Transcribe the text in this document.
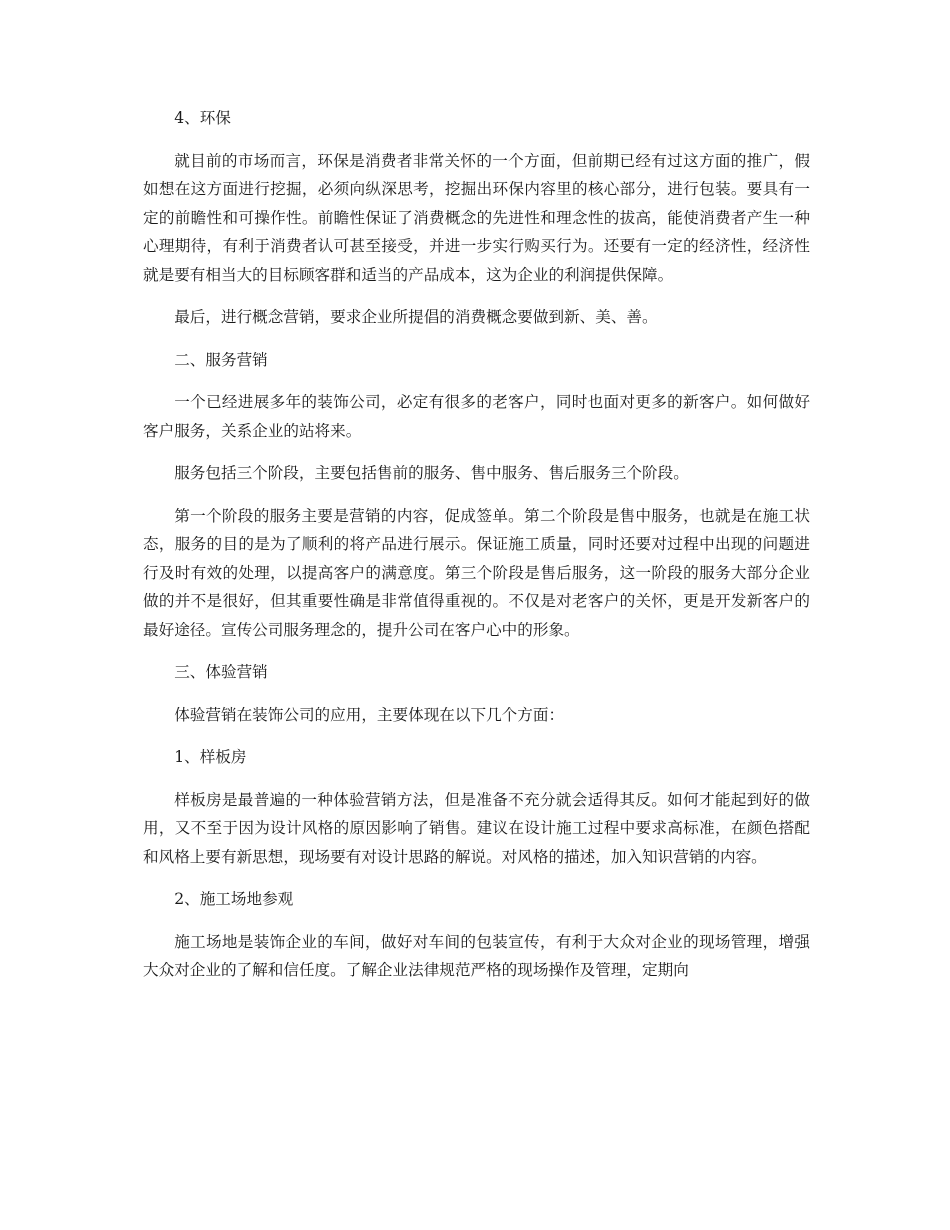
4、环保

就目前的市场而言，环保是消费者非常关怀的一个方面，但前期已经有过这方面的推广，假如想在这方面进行挖掘，必须向纵深思考，挖掘出环保内容里的核心部分，进行包装。要具有一定的前瞻性和可操作性。前瞻性保证了消费概念的先进性和理念性的拔高，能使消费者产生一种心理期待，有利于消费者认可甚至接受，并进一步实行购买行为。还要有一定的经济性，经济性就是要有相当大的目标顾客群和适当的产品成本，这为企业的利润提供保障。

最后，进行概念营销，要求企业所提倡的消费概念要做到新、美、善。

二、服务营销

一个已经进展多年的装饰公司，必定有很多的老客户，同时也面对更多的新客户。如何做好客户服务，关系企业的站将来。

服务包括三个阶段，主要包括售前的服务、售中服务、售后服务三个阶段。

第一个阶段的服务主要是营销的内容，促成签单。第二个阶段是售中服务，也就是在施工状态，服务的目的是为了顺利的将产品进行展示。保证施工质量，同时还要对过程中出现的问题进行及时有效的处理，以提高客户的满意度。第三个阶段是售后服务，这一阶段的服务大部分企业做的并不是很好，但其重要性确是非常值得重视的。不仅是对老客户的关怀，更是开发新客户的最好途径。宣传公司服务理念的，提升公司在客户心中的形象。

三、体验营销

体验营销在装饰公司的应用，主要体现在以下几个方面：

1、样板房

样板房是最普遍的一种体验营销方法，但是准备不充分就会适得其反。如何才能起到好的做用，又不至于因为设计风格的原因影响了销售。建议在设计施工过程中要求高标准，在颜色搭配和风格上要有新思想，现场要有对设计思路的解说。对风格的描述，加入知识营销的内容。

2、施工场地参观

施工场地是装饰企业的车间，做好对车间的包装宣传，有利于大众对企业的现场管理，增强大众对企业的了解和信任度。了解企业法律规范严格的现场操作及管理，定期向
